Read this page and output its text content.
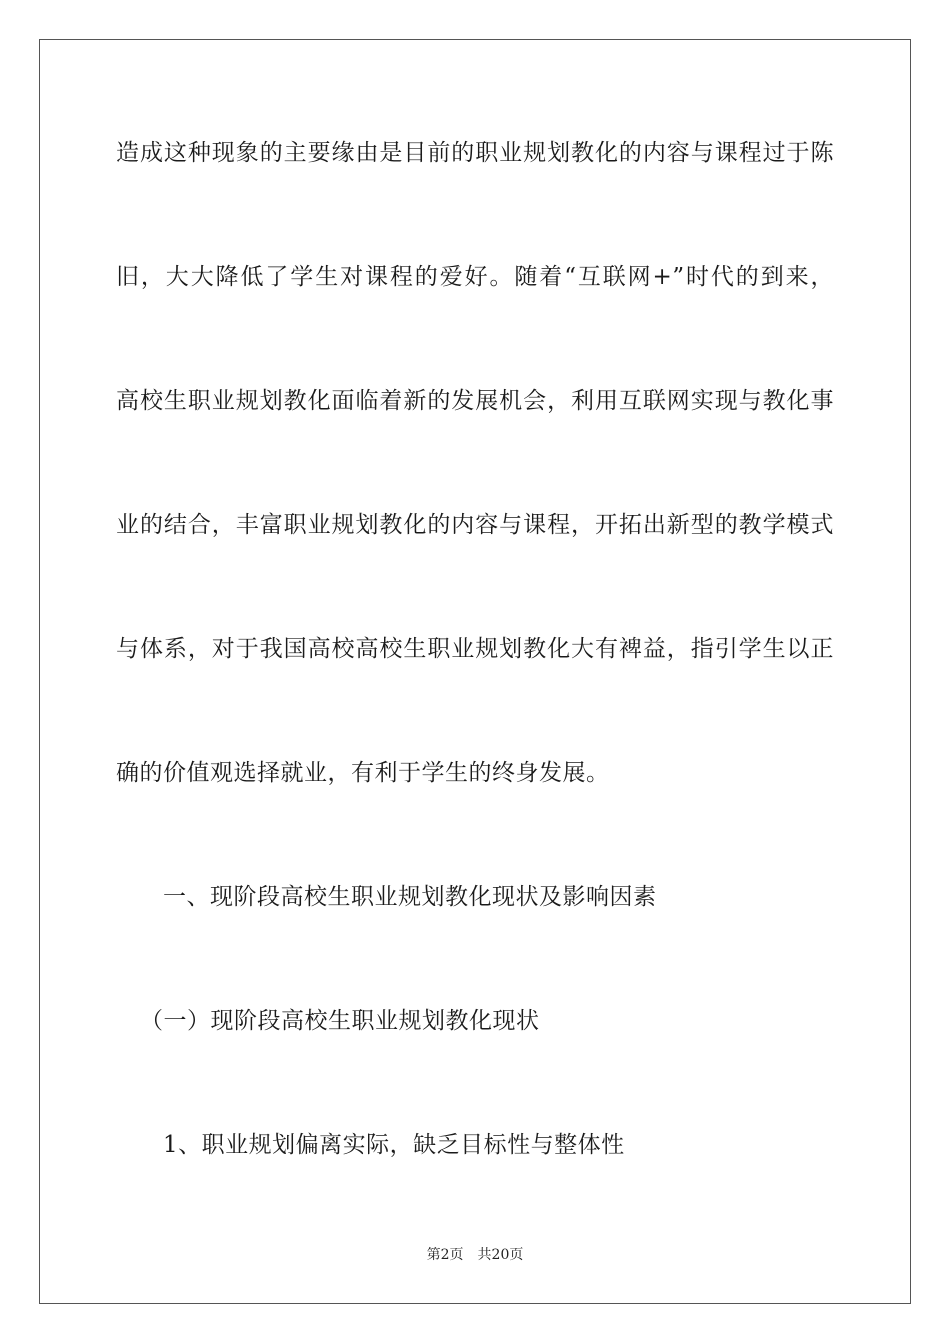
造成这种现象的主要缘由是目前的职业规划教化的内容与课程过于陈
旧，大大降低了学生对课程的爱好。随着“互联网+”时代的到来，
高校生职业规划教化面临着新的发展机会，利用互联网实现与教化事
业的结合，丰富职业规划教化的内容与课程，开拓出新型的教学模式
与体系，对于我国高校高校生职业规划教化大有裨益，指引学生以正
确的价值观选择就业，有利于学生的终身发展。
一、现阶段高校生职业规划教化现状及影响因素
（一）现阶段高校生职业规划教化现状
1、职业规划偏离实际，缺乏目标性与整体性
第2页 共20页
